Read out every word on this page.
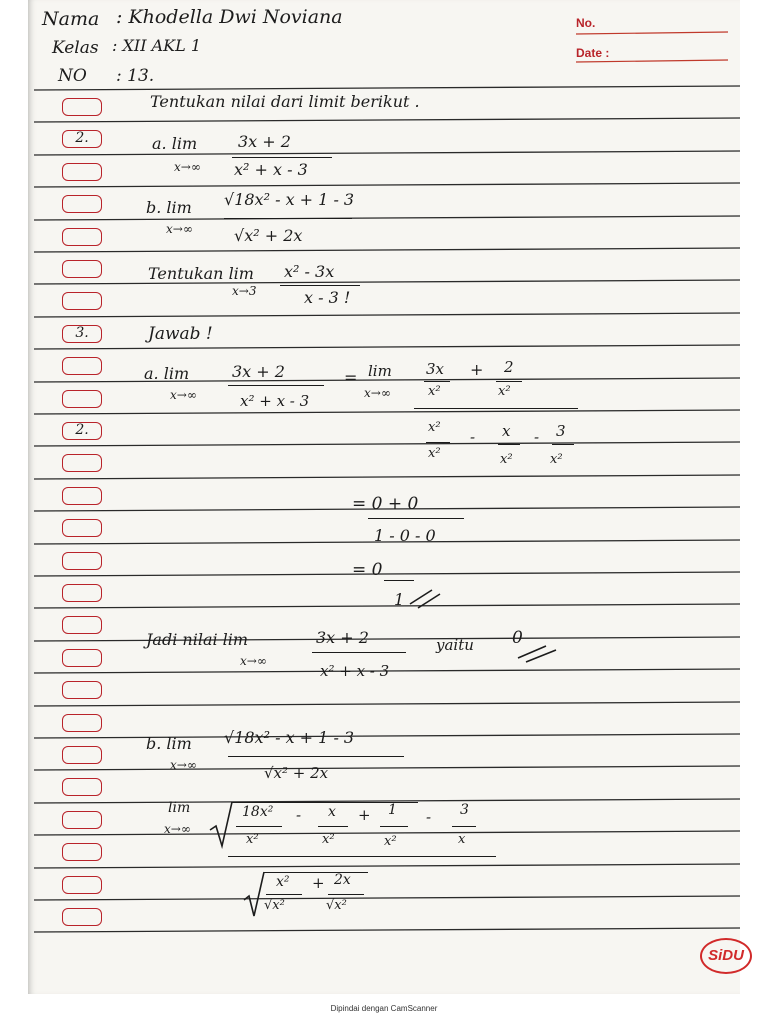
Nama : Khodella Dwi Noviana
Kelas : XII AKL 1
NO : 13.
No.
Date :
2.
3.
2.
Tentukan nilai dari limit berikut .
a. lim
x→∞
3x + 2
x² + x - 3
b. lim
x→∞
√18x² - x + 1 - 3
√x² + 2x
Tentukan lim
x→3
x² - 3x
x - 3 !
Jawab !
a. lim
x→∞
3x + 2
x² + x - 3
= lim
x→∞
3x
x²
+ 2
x²
x²
x²
- x
x²
- 3
x²
= 0 + 0
1 - 0 - 0
= 0
1
Jadi nilai lim
x→∞
3x + 2
x² + x - 3
yaitu 0
b. lim
x→∞
√18x² - x + 1 - 3
√x² + 2x
lim
x→∞
18x²
x²
- x
x²
+ 1
x²
- 3
x
x²
√x²
+ 2x
√x²
SiDU
Dipindai dengan CamScanner
